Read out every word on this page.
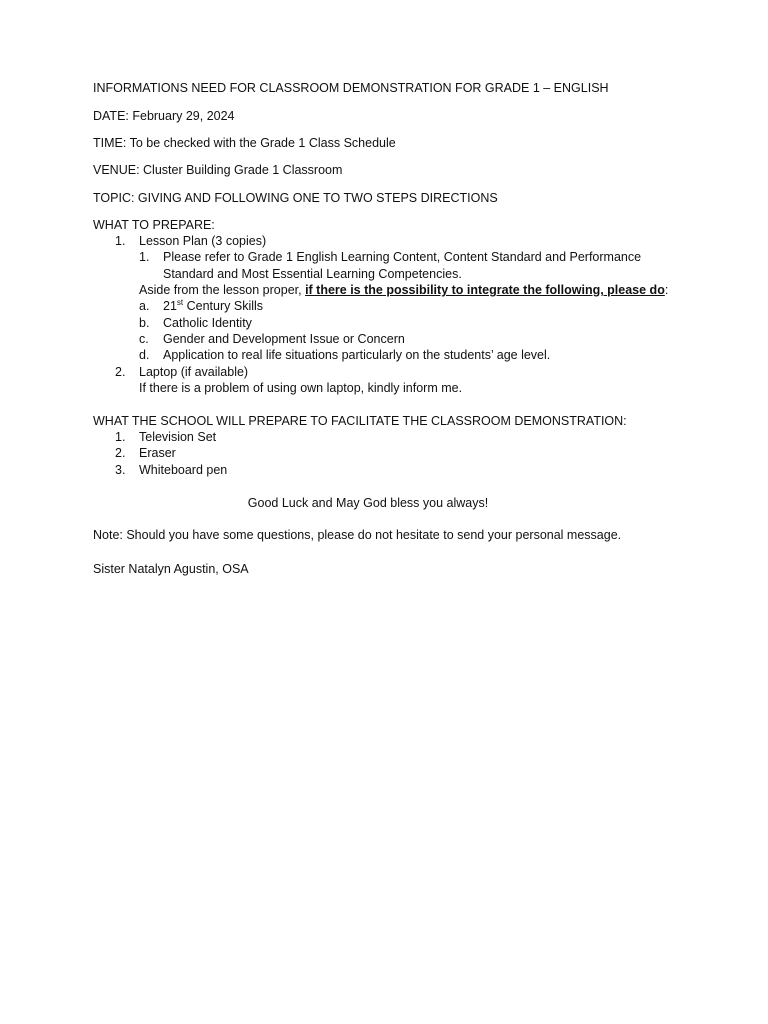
INFORMATIONS NEED FOR CLASSROOM DEMONSTRATION FOR GRADE 1 – ENGLISH
DATE: February 29, 2024
TIME: To be checked with the Grade 1 Class Schedule
VENUE: Cluster Building Grade 1 Classroom
TOPIC: GIVING AND FOLLOWING ONE TO TWO STEPS DIRECTIONS
WHAT TO PREPARE:
1. Lesson Plan (3 copies)
1. Please refer to Grade 1 English Learning Content, Content Standard and Performance
Standard and Most Essential Learning Competencies.
Aside from the lesson proper, if there is the possibility to integrate the following, please do:
a. 21st Century Skills
b. Catholic Identity
c. Gender and Development Issue or Concern
d. Application to real life situations particularly on the students’ age level.
2. Laptop (if available)
If there is a problem of using own laptop, kindly inform me.
WHAT THE SCHOOL WILL PREPARE TO FACILITATE THE CLASSROOM DEMONSTRATION:
1. Television Set
2. Eraser
3. Whiteboard pen
Good Luck and May God bless you always!
Note: Should you have some questions, please do not hesitate to send your personal message.
Sister Natalyn Agustin, OSA
